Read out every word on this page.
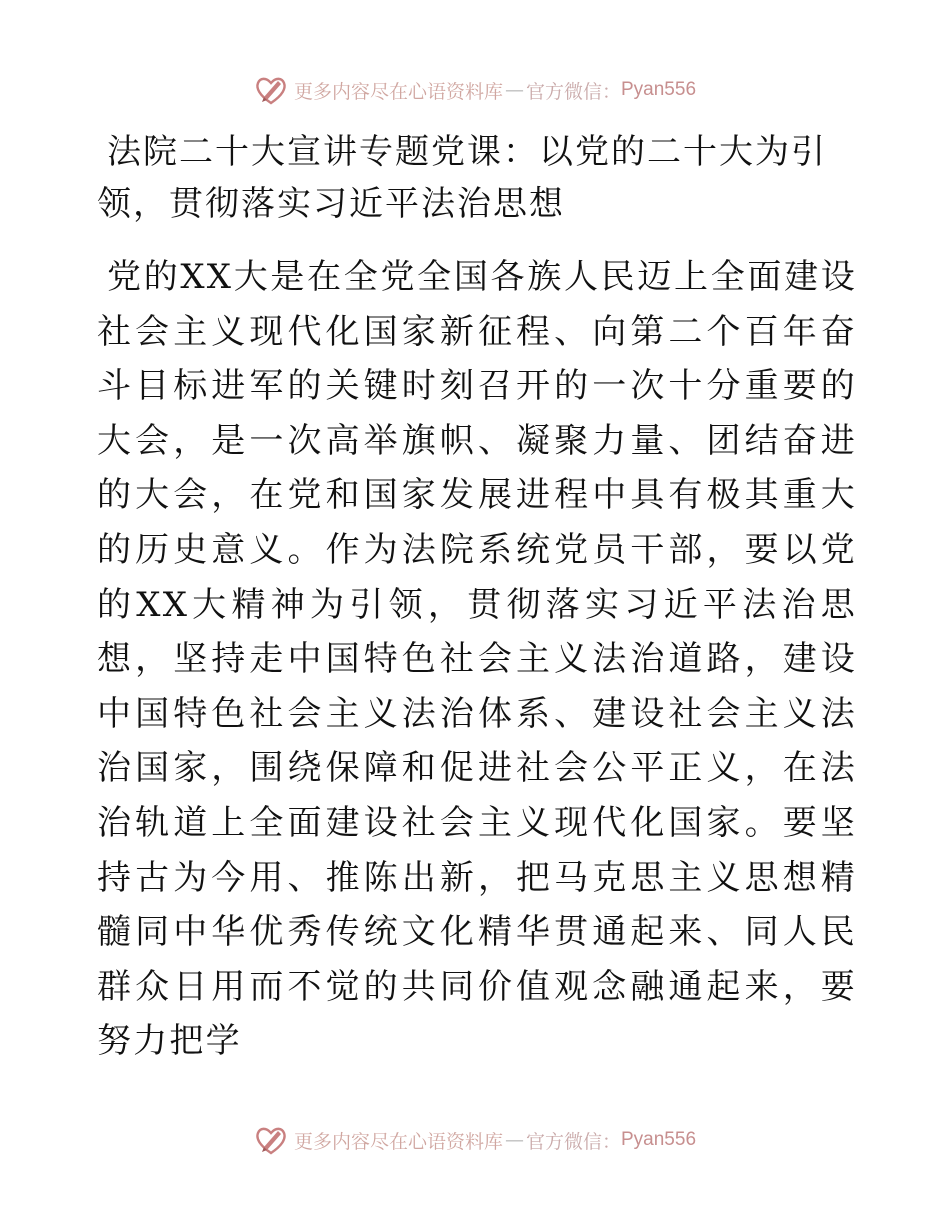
更多内容尽在心语资料库 — 官方微信： Pyan556
法院二十大宣讲专题党课：以党的二十大为引领，贯彻落实习近平法治思想
党的XX大是在全党全国各族人民迈上全面建设社会主义现代化国家新征程、向第二个百年奋斗目标进军的关键时刻召开的一次十分重要的大会，是一次高举旗帜、凝聚力量、团结奋进的大会，在党和国家发展进程中具有极其重大的历史意义。作为法院系统党员干部，要以党的XX大精神为引领，贯彻落实习近平法治思想，坚持走中国特色社会主义法治道路，建设中国特色社会主义法治体系、建设社会主义法治国家，围绕保障和促进社会公平正义，在法治轨道上全面建设社会主义现代化国家。要坚持古为今用、推陈出新，把马克思主义思想精髓同中华优秀传统文化精华贯通起来、同人民群众日用而不觉的共同价值观念融通起来，要努力把学
更多内容尽在心语资料库 — 官方微信： Pyan556
